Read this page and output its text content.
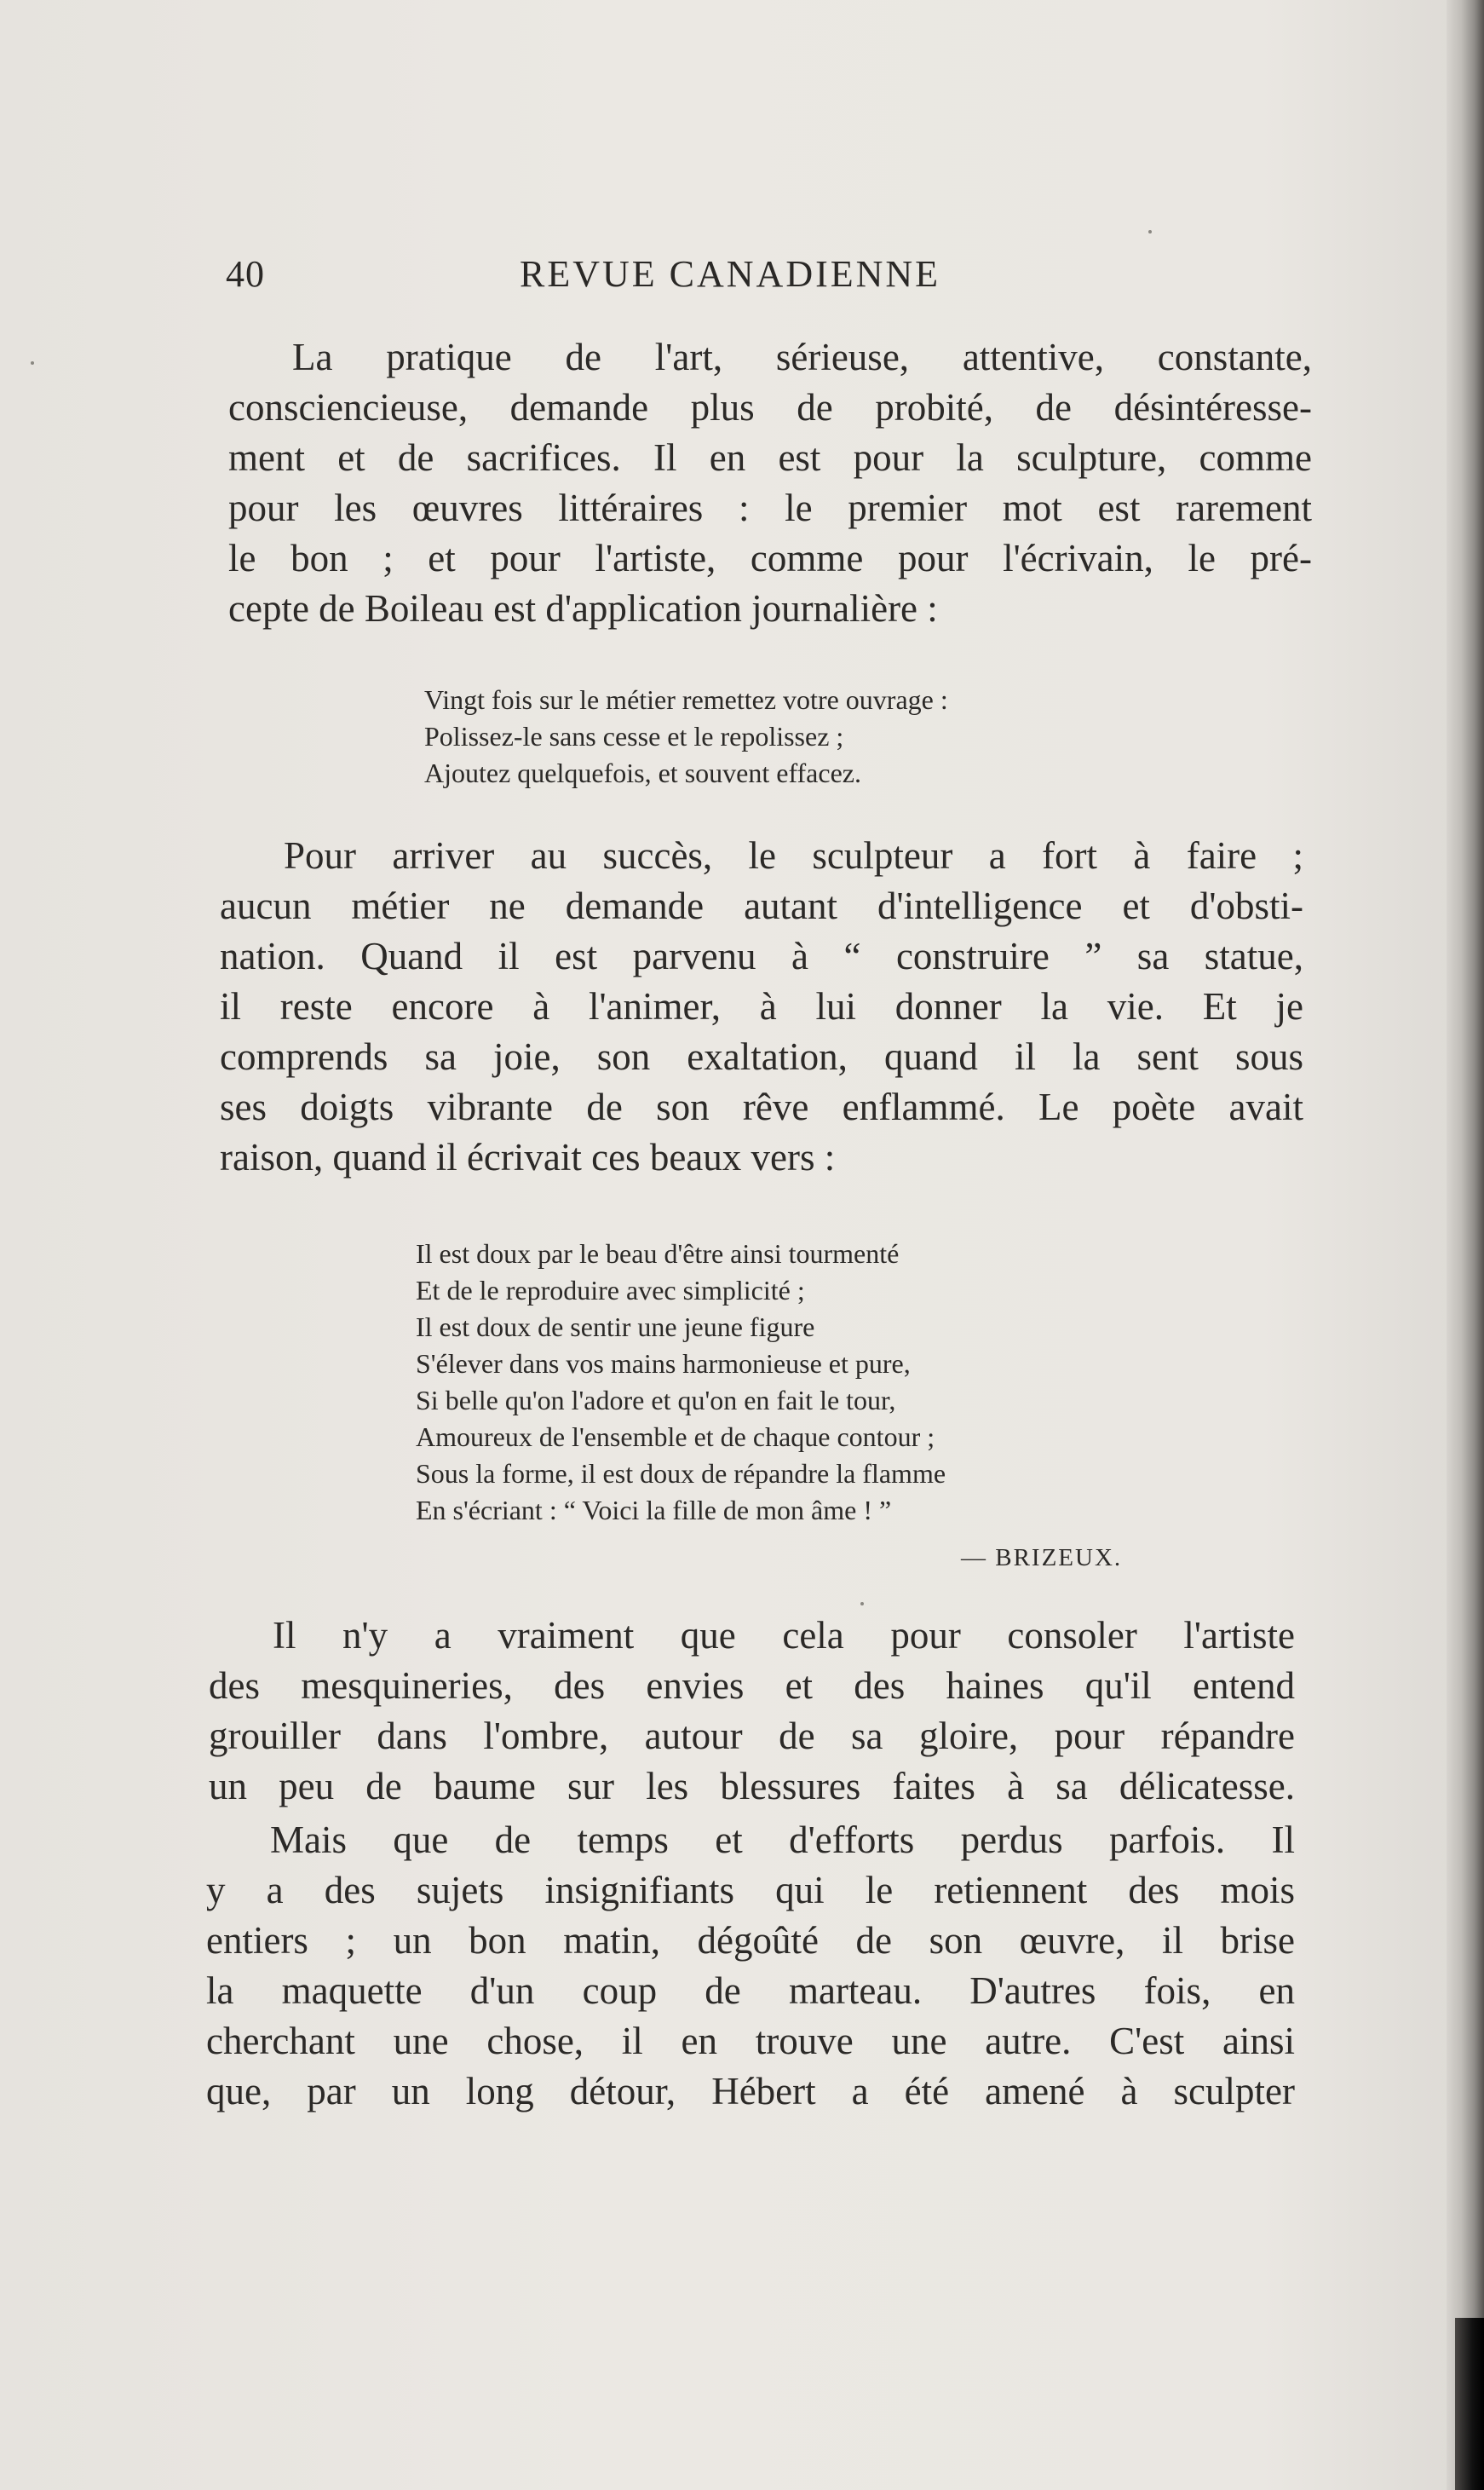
40	REVUE CANADIENNE
La pratique de l'art, sérieuse, attentive, constante,
consciencieuse, demande plus de probité, de désintéresse-
ment et de sacrifices. Il en est pour la sculpture, comme
pour les œuvres littéraires : le premier mot est rarement
le bon ; et pour l'artiste, comme pour l'écrivain, le pré-
cepte de Boileau est d'application journalière :
Vingt fois sur le métier remettez votre ouvrage :
Polissez-le sans cesse et le repolissez ;
Ajoutez quelquefois, et souvent effacez.
Pour arriver au succès, le sculpteur a fort à faire ;
aucun métier ne demande autant d'intelligence et d'obsti-
nation. Quand il est parvenu à “ construire ” sa statue,
il reste encore à l'animer, à lui donner la vie. Et je
comprends sa joie, son exaltation, quand il la sent sous
ses doigts vibrante de son rêve enflammé. Le poète avait
raison, quand il écrivait ces beaux vers :
Il est doux par le beau d'être ainsi tourmenté
Et de le reproduire avec simplicité ;
Il est doux de sentir une jeune figure
S'élever dans vos mains harmonieuse et pure,
Si belle qu'on l'adore et qu'on en fait le tour,
Amoureux de l'ensemble et de chaque contour ;
Sous la forme, il est doux de répandre la flamme
En s'écriant : “ Voici la fille de mon âme ! ”
— BRIZEUX.
Il n'y a vraiment que cela pour consoler l'artiste
des mesquineries, des envies et des haines qu'il entend
grouiller dans l'ombre, autour de sa gloire, pour répandre
un peu de baume sur les blessures faites à sa délicatesse.
Mais que de temps et d'efforts perdus parfois. Il
y a des sujets insignifiants qui le retiennent des mois
entiers ; un bon matin, dégoûté de son œuvre, il brise
la maquette d'un coup de marteau. D'autres fois, en
cherchant une chose, il en trouve une autre. C'est ainsi
que, par un long détour, Hébert a été amené à sculpter
